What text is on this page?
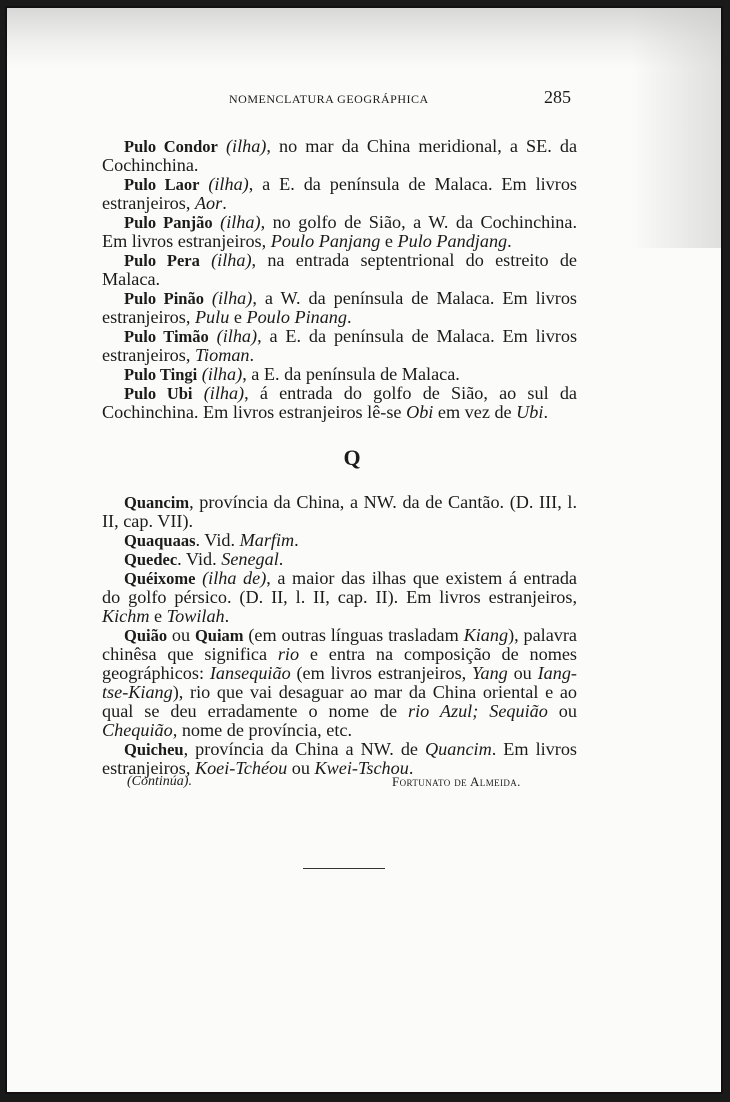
NOMENCLATURA GEOGRÁPHICA	285

Pulo Condor (ilha), no mar da China meridional, a SE. da Cochinchina.

Pulo Laor (ilha), a E. da península de Malaca. Em livros estranjeiros, Aor.

Pulo Panjão (ilha), no golfo de Sião, a W. da Cochinchina. Em livros estranjeiros, Poulo Panjang e Pulo Pandjang.

Pulo Pera (ilha), na entrada septentrional do estreito de Malaca.

Pulo Pinão (ilha), a W. da península de Malaca. Em livros estranjeiros, Pulu e Poulo Pinang.

Pulo Timão (ilha), a E. da península de Malaca. Em livros estranjeiros, Tioman.

Pulo Tingi (ilha), a E. da península de Malaca.

Pulo Ubi (ilha), á entrada do golfo de Sião, ao sul da Cochinchina. Em livros estranjeiros lê-se Obi em vez de Ubi.

Q

Quancim, província da China, a NW. da de Cantão. (D. III, l. II, cap. VII).

Quaquaas. Vid. Marfim.

Quedec. Vid. Senegal.

Quéixome (ilha de), a maior das ilhas que existem á entrada do golfo pérsico. (D. II, l. II, cap. II). Em livros estranjeiros, Kichm e Towilah.

Quião ou Quiam (em outras línguas trasladam Kiang), palavra chinêsa que significa rio e entra na composição de nomes geográphicos: Iansequião (em livros estranjeiros, Yang ou Iang-tse-Kiang), rio que vai desaguar ao mar da China oriental e ao qual se deu erradamente o nome de rio Azul; Sequião ou Chequião, nome de província, etc.

Quicheu, província da China a NW. de Quancim. Em livros estranjeiros, Koei-Tchéou ou Kwei-Tschou.

(Continúa).	Fortunato de Almeida.
